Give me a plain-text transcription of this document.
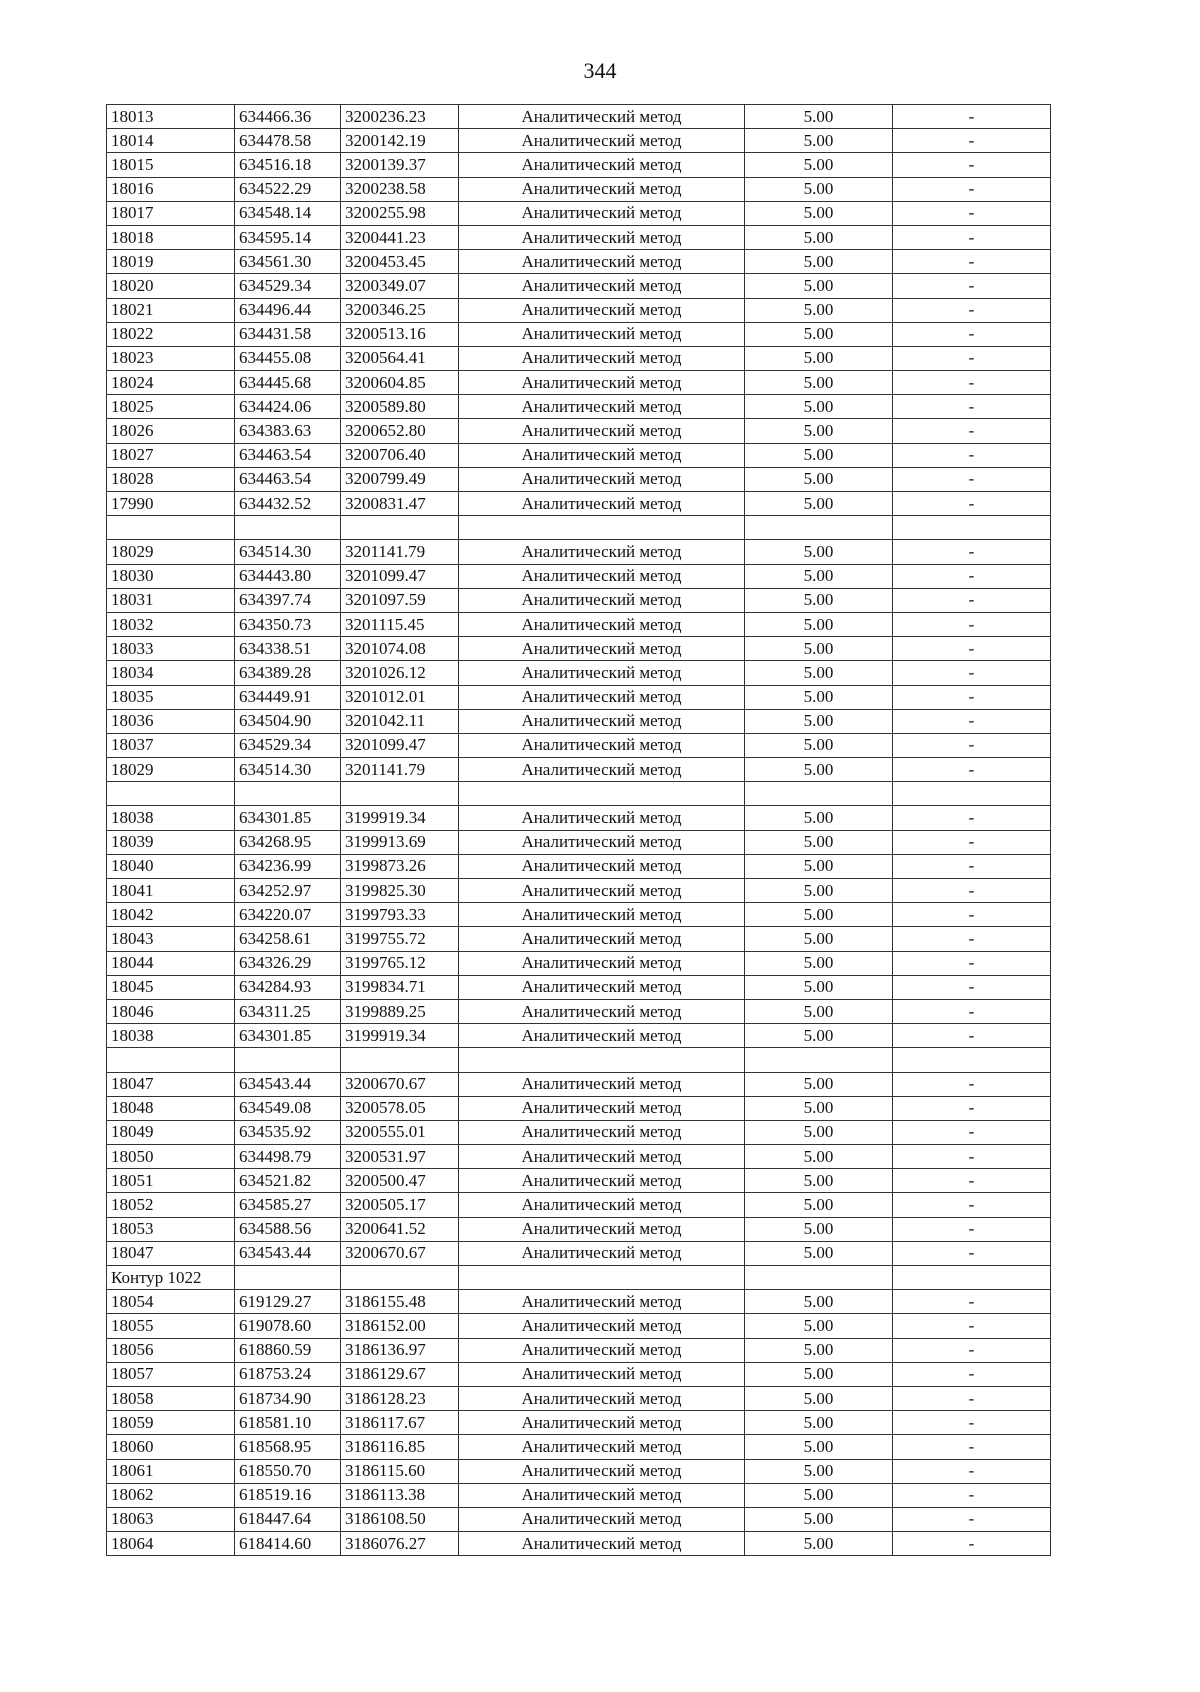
344
18013	634466.36	3200236.23	Аналитический метод	5.00	-
18014	634478.58	3200142.19	Аналитический метод	5.00	-
18015	634516.18	3200139.37	Аналитический метод	5.00	-
18016	634522.29	3200238.58	Аналитический метод	5.00	-
18017	634548.14	3200255.98	Аналитический метод	5.00	-
18018	634595.14	3200441.23	Аналитический метод	5.00	-
18019	634561.30	3200453.45	Аналитический метод	5.00	-
18020	634529.34	3200349.07	Аналитический метод	5.00	-
18021	634496.44	3200346.25	Аналитический метод	5.00	-
18022	634431.58	3200513.16	Аналитический метод	5.00	-
18023	634455.08	3200564.41	Аналитический метод	5.00	-
18024	634445.68	3200604.85	Аналитический метод	5.00	-
18025	634424.06	3200589.80	Аналитический метод	5.00	-
18026	634383.63	3200652.80	Аналитический метод	5.00	-
18027	634463.54	3200706.40	Аналитический метод	5.00	-
18028	634463.54	3200799.49	Аналитический метод	5.00	-
17990	634432.52	3200831.47	Аналитический метод	5.00	-

18029	634514.30	3201141.79	Аналитический метод	5.00	-
18030	634443.80	3201099.47	Аналитический метод	5.00	-
18031	634397.74	3201097.59	Аналитический метод	5.00	-
18032	634350.73	3201115.45	Аналитический метод	5.00	-
18033	634338.51	3201074.08	Аналитический метод	5.00	-
18034	634389.28	3201026.12	Аналитический метод	5.00	-
18035	634449.91	3201012.01	Аналитический метод	5.00	-
18036	634504.90	3201042.11	Аналитический метод	5.00	-
18037	634529.34	3201099.47	Аналитический метод	5.00	-
18029	634514.30	3201141.79	Аналитический метод	5.00	-

18038	634301.85	3199919.34	Аналитический метод	5.00	-
18039	634268.95	3199913.69	Аналитический метод	5.00	-
18040	634236.99	3199873.26	Аналитический метод	5.00	-
18041	634252.97	3199825.30	Аналитический метод	5.00	-
18042	634220.07	3199793.33	Аналитический метод	5.00	-
18043	634258.61	3199755.72	Аналитический метод	5.00	-
18044	634326.29	3199765.12	Аналитический метод	5.00	-
18045	634284.93	3199834.71	Аналитический метод	5.00	-
18046	634311.25	3199889.25	Аналитический метод	5.00	-
18038	634301.85	3199919.34	Аналитический метод	5.00	-

18047	634543.44	3200670.67	Аналитический метод	5.00	-
18048	634549.08	3200578.05	Аналитический метод	5.00	-
18049	634535.92	3200555.01	Аналитический метод	5.00	-
18050	634498.79	3200531.97	Аналитический метод	5.00	-
18051	634521.82	3200500.47	Аналитический метод	5.00	-
18052	634585.27	3200505.17	Аналитический метод	5.00	-
18053	634588.56	3200641.52	Аналитический метод	5.00	-
18047	634543.44	3200670.67	Аналитический метод	5.00	-
Контур 1022					
18054	619129.27	3186155.48	Аналитический метод	5.00	-
18055	619078.60	3186152.00	Аналитический метод	5.00	-
18056	618860.59	3186136.97	Аналитический метод	5.00	-
18057	618753.24	3186129.67	Аналитический метод	5.00	-
18058	618734.90	3186128.23	Аналитический метод	5.00	-
18059	618581.10	3186117.67	Аналитический метод	5.00	-
18060	618568.95	3186116.85	Аналитический метод	5.00	-
18061	618550.70	3186115.60	Аналитический метод	5.00	-
18062	618519.16	3186113.38	Аналитический метод	5.00	-
18063	618447.64	3186108.50	Аналитический метод	5.00	-
18064	618414.60	3186076.27	Аналитический метод	5.00	-
